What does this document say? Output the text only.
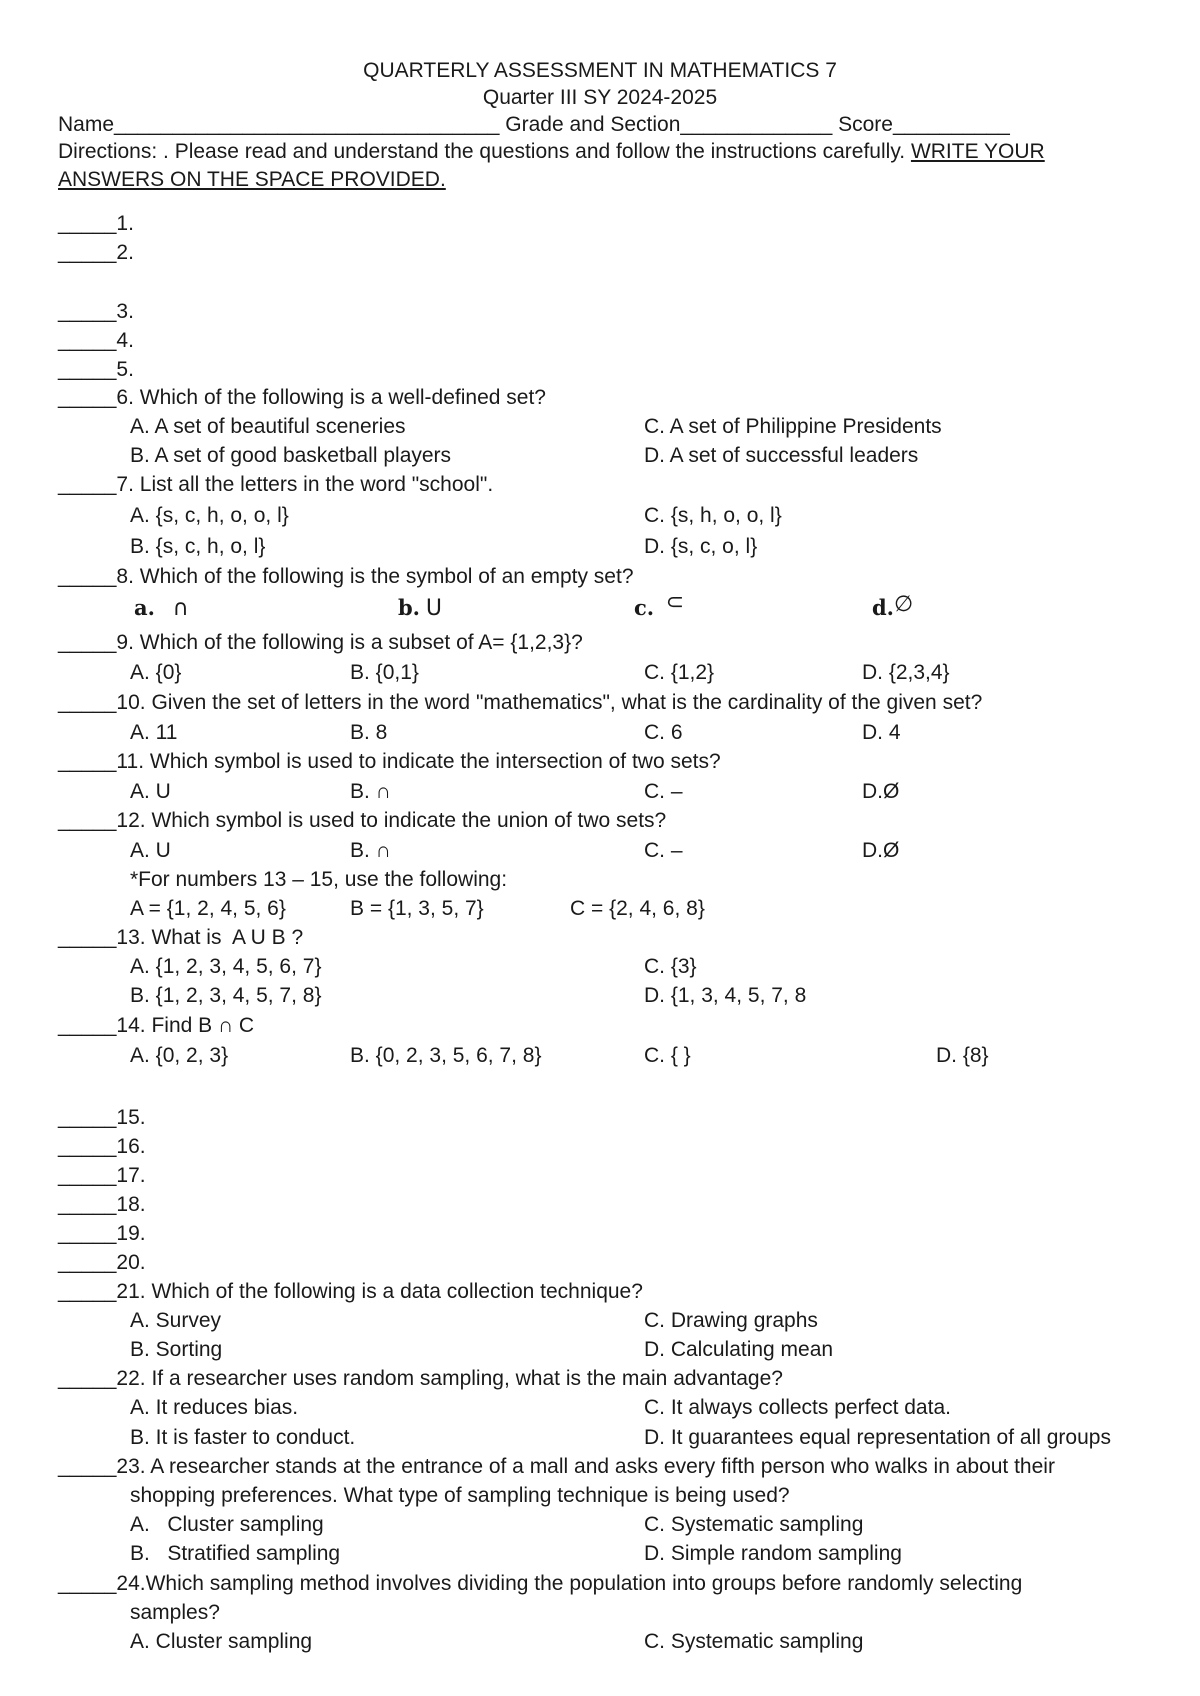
QUARTERLY ASSESSMENT IN MATHEMATICS 7
Quarter III SY 2024-2025
Name_________________________________ Grade and Section_____________ Score__________
Directions: . Please read and understand the questions and follow the instructions carefully. WRITE YOUR
ANSWERS ON THE SPACE PROVIDED.
_____1.
_____2.
_____3.
_____4.
_____5.
_____6. Which of the following is a well-defined set?
A. A set of beautiful sceneries	C. A set of Philippine Presidents
B. A set of good basketball players	D. A set of successful leaders
_____7. List all the letters in the word "school".
A. {s, c, h, o, o, l}	C. {s, h, o, o, l}
B. {s, c, h, o, l}	D. {s, c, o, l}
_____8. Which of the following is the symbol of an empty set?
a. ∩	b. U	c. ⊂	d.∅
_____9. Which of the following is a subset of A= {1,2,3}?
A. {0}	B. {0,1}	C. {1,2}	D. {2,3,4}
_____10. Given the set of letters in the word "mathematics", what is the cardinality of the given set?
A. 11	B. 8	C. 6	D. 4
_____11. Which symbol is used to indicate the intersection of two sets?
A. U	B. ∩	C. –	D.Ø
_____12. Which symbol is used to indicate the union of two sets?
A. U	B. ∩	C. –	D.Ø
*For numbers 13 – 15, use the following:
A = {1, 2, 4, 5, 6}	B = {1, 3, 5, 7}	C = {2, 4, 6, 8}
_____13. What is  A U B ?
A. {1, 2, 3, 4, 5, 6, 7}	C. {3}
B. {1, 2, 3, 4, 5, 7, 8}	D. {1, 3, 4, 5, 7, 8
_____14. Find B ∩ C
A. {0, 2, 3}	B. {0, 2, 3, 5, 6, 7, 8}	C. { }	D. {8}
_____15.
_____16.
_____17.
_____18.
_____19.
_____20.
_____21. Which of the following is a data collection technique?
A. Survey	C. Drawing graphs
B. Sorting	D. Calculating mean
_____22. If a researcher uses random sampling, what is the main advantage?
A. It reduces bias.	C. It always collects perfect data.
B. It is faster to conduct.	D. It guarantees equal representation of all groups
_____23. A researcher stands at the entrance of a mall and asks every fifth person who walks in about their
shopping preferences. What type of sampling technique is being used?
A.   Cluster sampling	C. Systematic sampling
B.   Stratified sampling	D. Simple random sampling
_____24.Which sampling method involves dividing the population into groups before randomly selecting
samples?
A. Cluster sampling	C. Systematic sampling
